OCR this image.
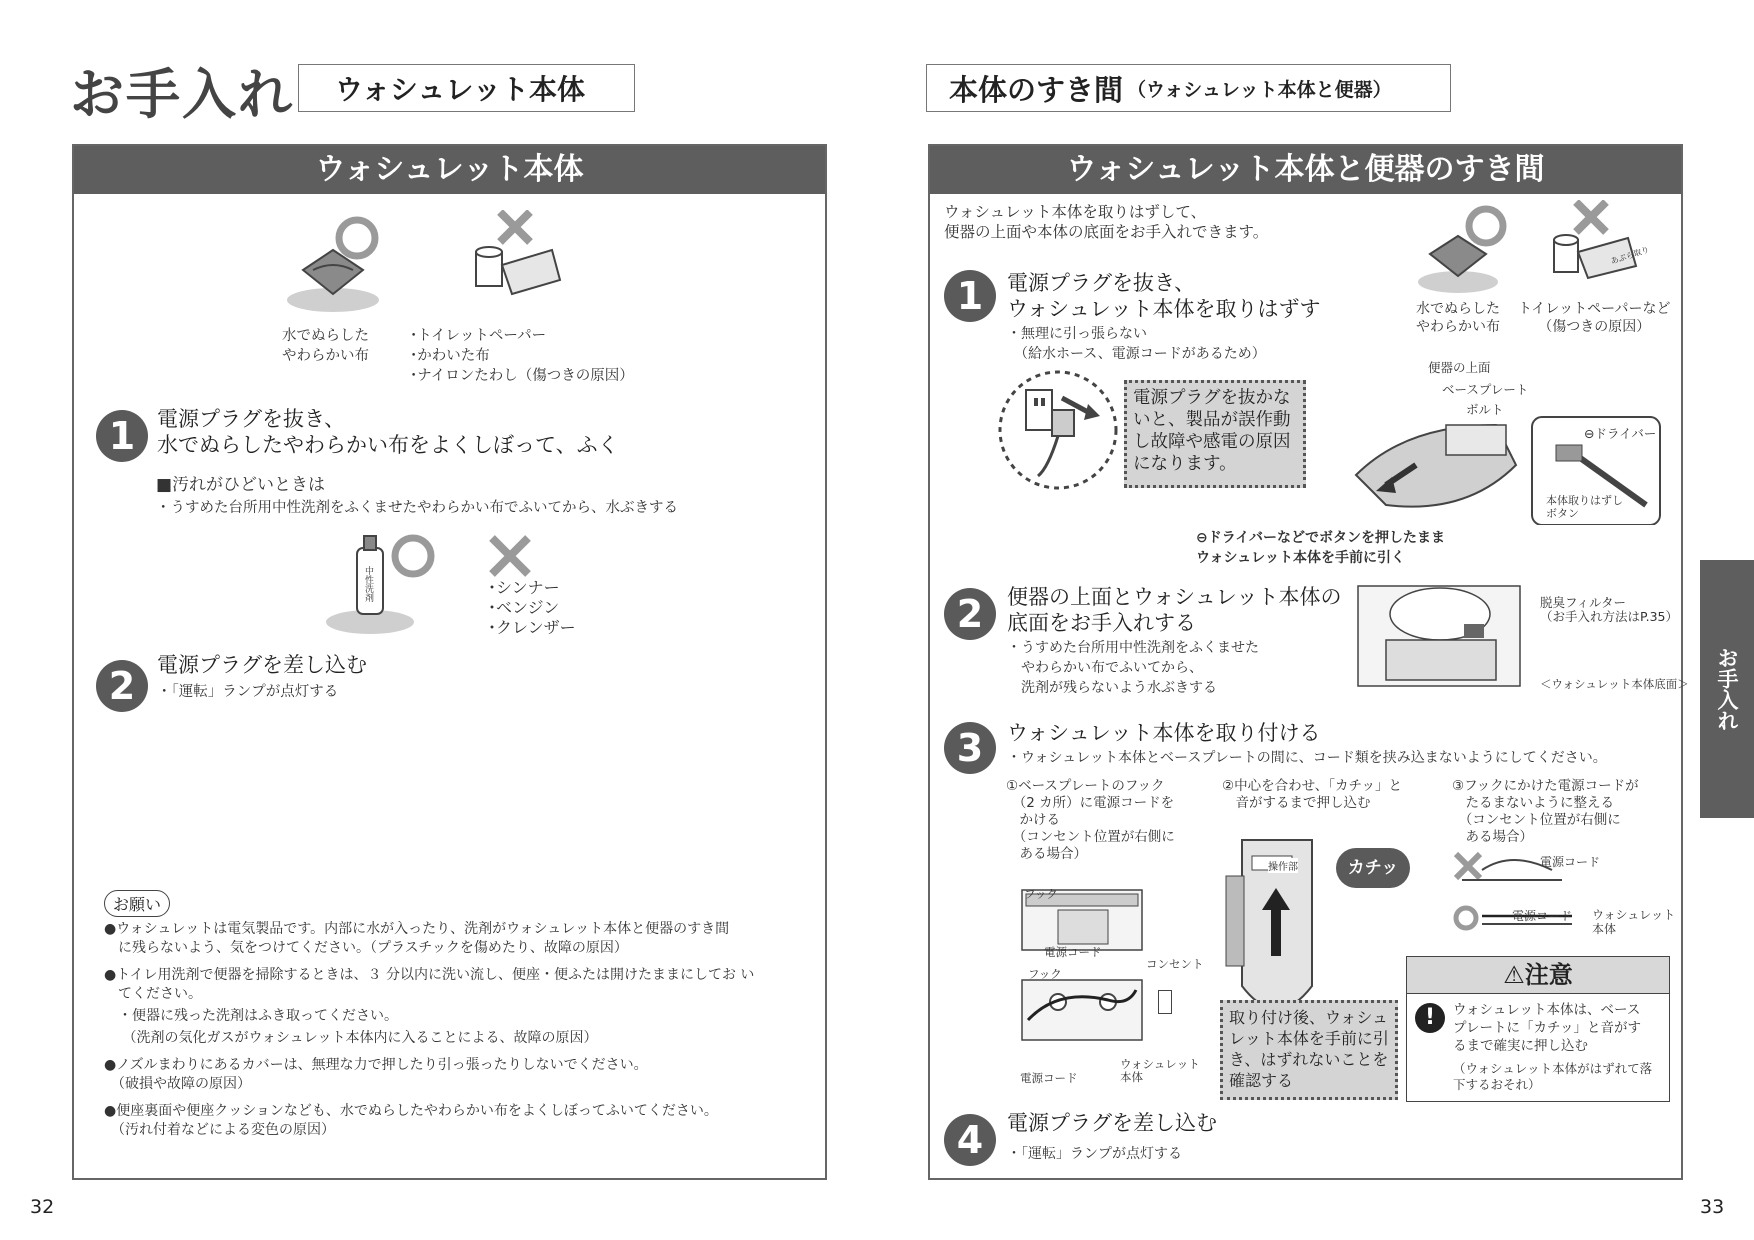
お手入れ	ウォシュレット本体
ウォシュレット本体
水でぬらした
やわらかい布
･トイレットペーパー
･かわいた布
･ナイロンたわし（傷つきの原因）
1	電源プラグを抜き、
水でぬらしたやわらかい布をよくしぼって、ふく
■汚れがひどいときは
・うすめた台所用中性洗剤をふくませたやわらかい布でふいてから、水ぶきする
中性洗剤	･シンナー
･ベンジン
･クレンザー
2	電源プラグを差し込む
・「運転」ランプが点灯する
お願い
●ウォシュレットは電気製品です。内部に水が入ったり、洗剤がウォシュレット本体と便器のすき間
　に残らないよう、気をつけてください。（プラスチックを傷めたり、故障の原因）
●トイレ用洗剤で便器を掃除するときは、３ 分以内に洗い流し、便座・便ふたは開けたままにしてお い
　てください。
　・便器に残った洗剤はふき取ってください。
　 （洗剤の気化ガスがウォシュレット本体内に入ることによる、故障の原因）
●ノズルまわりにあるカバーは、無理な力で押したり引っ張ったりしないでください。
　（破損や故障の原因）
●便座裏面や便座クッションなども、水でぬらしたやわらかい布をよくしぼってふいてください。
　（汚れ付着などによる変色の原因）
32
本体のすき間 （ウォシュレット本体と便器）
ウォシュレット本体と便器のすき間
ウォシュレット本体を取りはずして、
便器の上面や本体の底面をお手入れできます。
あぶら取り
水でぬらした
やわらかい布
トイレットペーパーなど
（傷つきの原因）
1	電源プラグを抜き、
ウォシュレット本体を取りはずす
・無理に引っ張らない
　（給水ホース、電源コードがあるため）
電源プラグを抜かな
いと、製品が誤作動
し故障や感電の原因
になります。
便器の上面
ベースプレート
ボルト
⊖ドライバー
本体取りはずし
ボタン
⊖ドライバーなどでボタンを押したまま
ウォシュレット本体を手前に引く
2	便器の上面とウォシュレット本体の
底面をお手入れする
・うすめた台所用中性洗剤をふくませた
　やわらかい布でふいてから、
　洗剤が残らないよう水ぶきする
脱臭フィルター
（お手入れ方法はP.35）
＜ウォシュレット本体底面＞
3	ウォシュレット本体を取り付ける
・ウォシュレット本体とベースプレートの間に、コード類を挟み込まないようにしてください。
①ベースプレートのフック
　（2 カ所）に電源コードを
　かける
　（コンセント位置が右側に
　ある場合）
②中心を合わせ、「カチッ」と
　音がするまで押し込む
③フックにかけた電源コードが
　たるまないように整える
　（コンセント位置が右側に
　ある場合）
フック
電源コード
フック
コンセント
電源コード
ウォシュレット
本体
操作部	カチッ
取り付け後、ウォシュ
レット本体を手前に引
き、はずれないことを
確認する
電源コード
電源コード ウォシュレット
本体
⚠注意
!	ウォシュレット本体は、ベース
プレートに「カチッ」と音がす
るまで確実に押し込む
（ウォシュレット本体がはずれて落
下するおそれ）
4	電源プラグを差し込む
・「運転」ランプが点灯する
お手入れ
33
